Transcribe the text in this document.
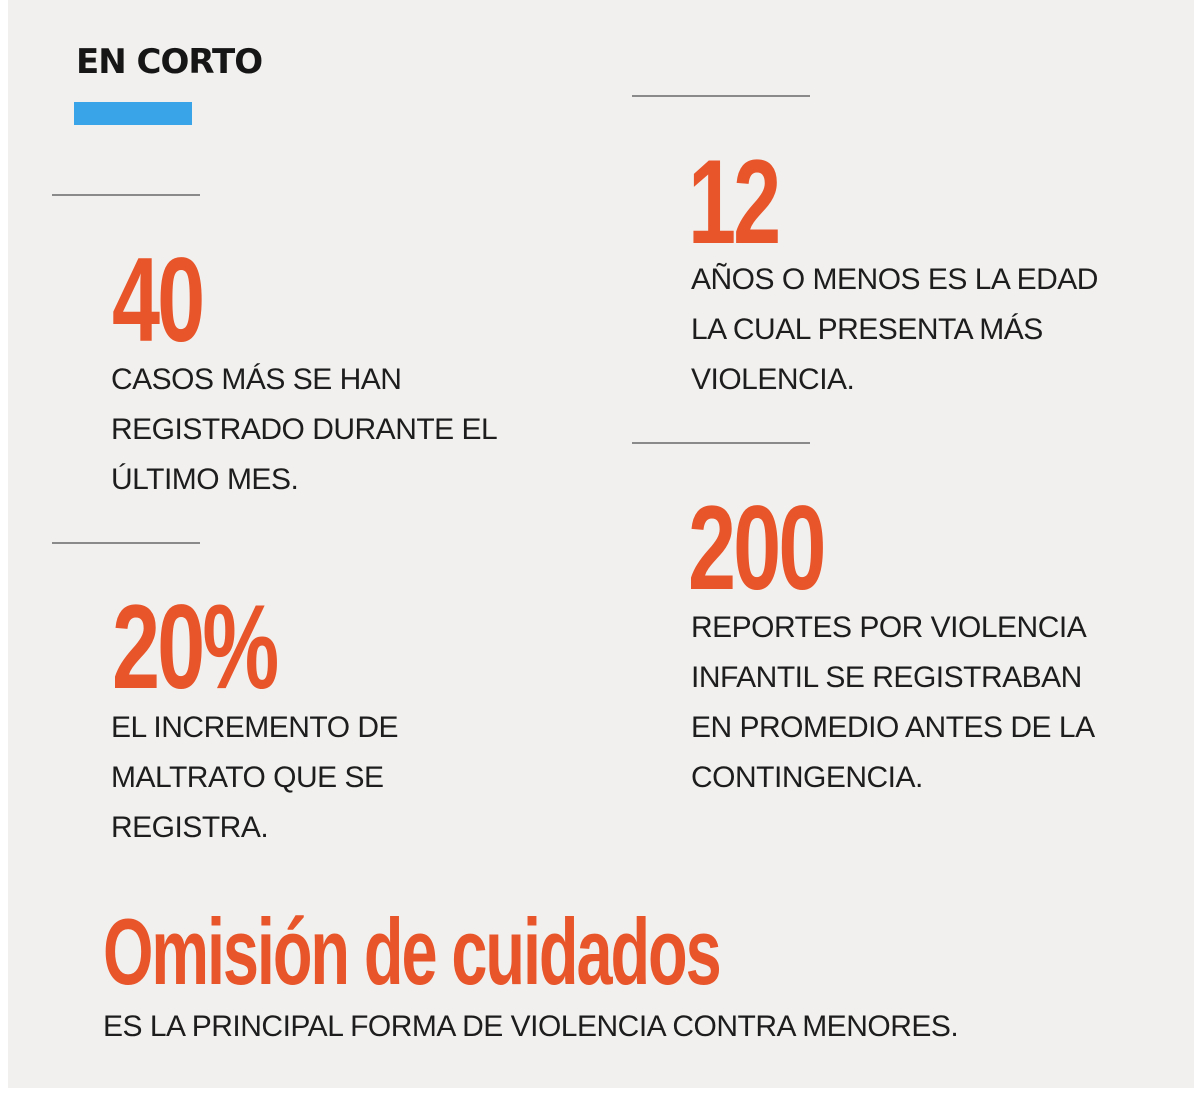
EN CORTO
40
CASOS MÁS SE HAN
REGISTRADO DURANTE EL
ÚLTIMO MES.
20%
EL INCREMENTO DE
MALTRATO QUE SE
REGISTRA.
12
AÑOS O MENOS ES LA EDAD
LA CUAL PRESENTA MÁS
VIOLENCIA.
200
REPORTES POR VIOLENCIA
INFANTIL SE REGISTRABAN
EN PROMEDIO ANTES DE LA
CONTINGENCIA.
Omisión de cuidados
ES LA PRINCIPAL FORMA DE VIOLENCIA CONTRA MENORES.
